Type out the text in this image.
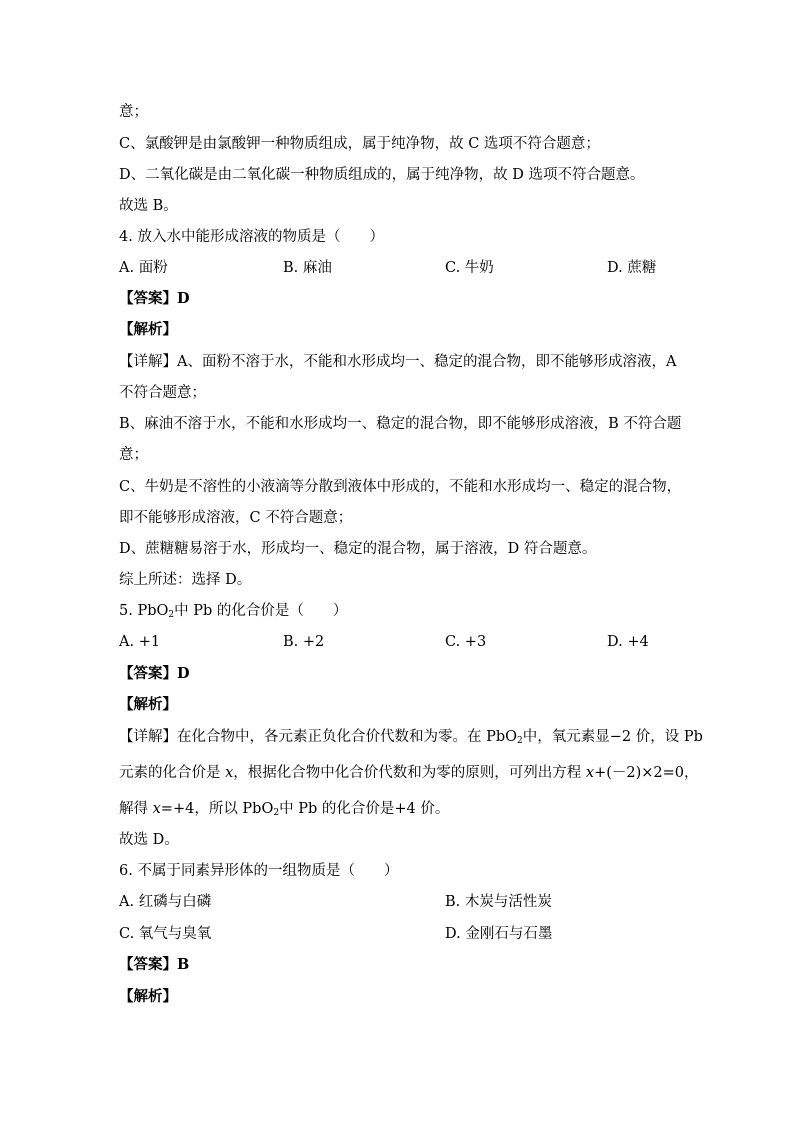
意；
C、氯酸钾是由氯酸钾一种物质组成，属于纯净物，故 C 选项不符合题意；
D、二氧化碳是由二氧化碳一种物质组成的，属于纯净物，故 D 选项不符合题意。
故选 B。
4. 放入水中能形成溶液的物质是（　　）
A. 面粉	B. 麻油	C. 牛奶	D. 蔗糖
【答案】D
【解析】
【详解】A、面粉不溶于水，不能和水形成均一、稳定的混合物，即不能够形成溶液，A
不符合题意；
B、麻油不溶于水，不能和水形成均一、稳定的混合物，即不能够形成溶液，B 不符合题
意；
C、牛奶是不溶性的小液滴等分散到液体中形成的，不能和水形成均一、稳定的混合物，
即不能够形成溶液，C 不符合题意；
D、蔗糖糖易溶于水，形成均一、稳定的混合物，属于溶液，D 符合题意。
综上所述：选择 D。
5. PbO$_2$中 Pb 的化合价是（　　）
A. +1	B. +2	C. +3	D. +4
【答案】D
【解析】
【详解】在化合物中，各元素正负化合价代数和为零。在 PbO$_2$中，氧元素显−2 价，设 Pb
元素的化合价是 x，根据化合物中化合价代数和为零的原则，可列出方程 x+(－2)×2=0，
解得 x=+4，所以 PbO$_2$中 Pb 的化合价是+4 价。
故选 D。
6. 不属于同素异形体的一组物质是（　　）
A. 红磷与白磷	B. 木炭与活性炭
C. 氧气与臭氧	D. 金刚石与石墨
【答案】B
【解析】
